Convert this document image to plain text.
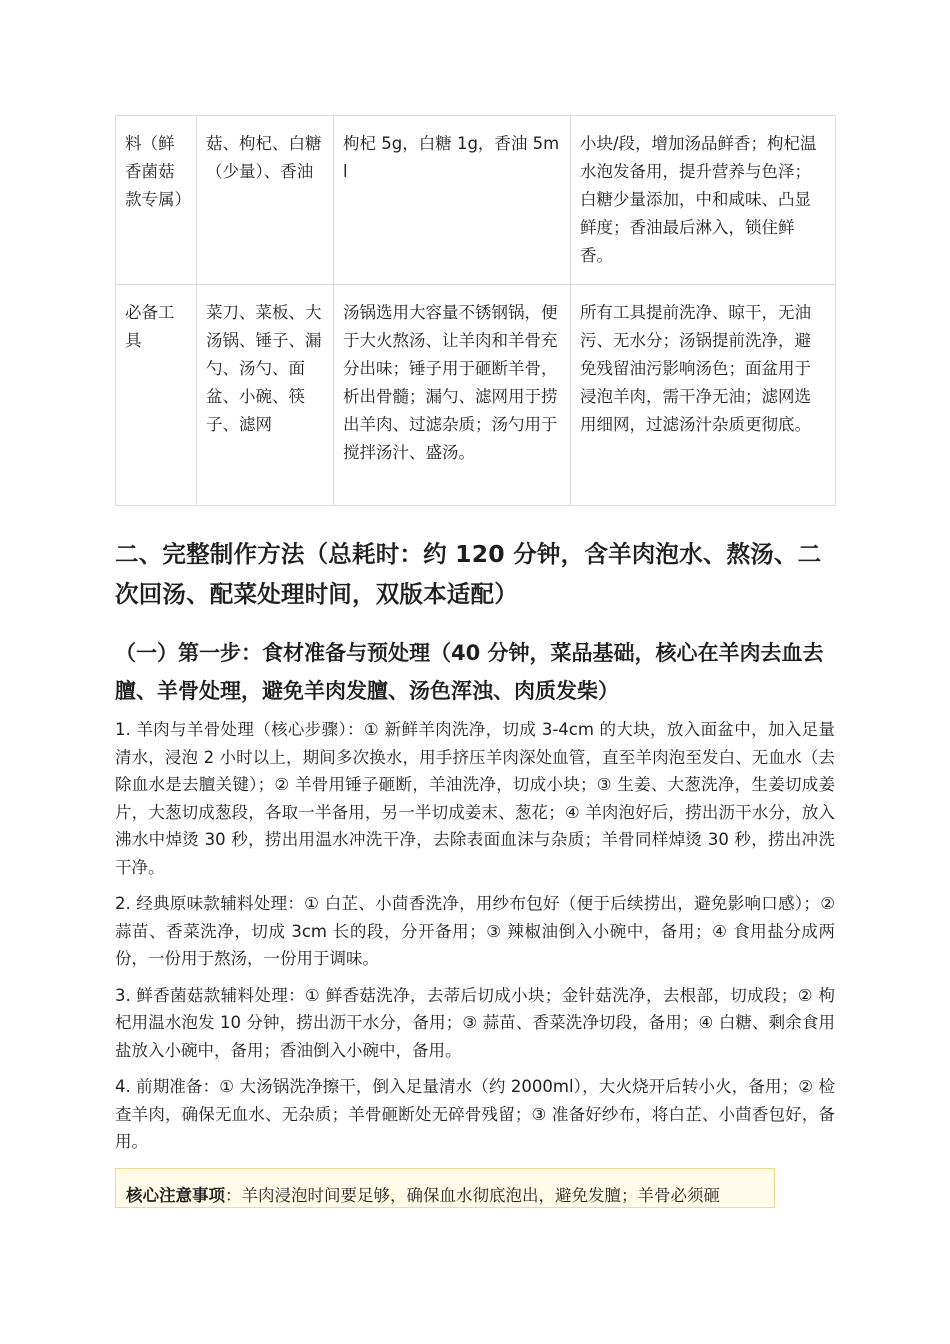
料（鲜香菌菇款专属）	菇、枸杞、白糖（少量）、香油	枸杞 5g，白糖 1g，香油 5ml	小块/段，增加汤品鲜香；枸杞温水泡发备用，提升营养与色泽；白糖少量添加，中和咸味、凸显鲜度；香油最后淋入，锁住鲜香。
必备工具	菜刀、菜板、大汤锅、锤子、漏勺、汤勺、面盆、小碗、筷子、滤网	汤锅选用大容量不锈钢锅，便于大火熬汤、让羊肉和羊骨充分出味；锤子用于砸断羊骨，析出骨髓；漏勺、滤网用于捞出羊肉、过滤杂质；汤勺用于搅拌汤汁、盛汤。	所有工具提前洗净、晾干，无油污、无水分；汤锅提前洗净，避免残留油污影响汤色；面盆用于浸泡羊肉，需干净无油；滤网选用细网，过滤汤汁杂质更彻底。
二、完整制作方法（总耗时：约 120 分钟，含羊肉泡水、熬汤、二次回汤、配菜处理时间，双版本适配）
（一）第一步：食材准备与预处理（40 分钟，菜品基础，核心在羊肉去血去膻、羊骨处理，避免羊肉发膻、汤色浑浊、肉质发柴）

1. 羊肉与羊骨处理（核心步骤）：① 新鲜羊肉洗净，切成 3-4cm 的大块，放入面盆中，加入足量清水，浸泡 2 小时以上，期间多次换水，用手挤压羊肉深处血管，直至羊肉泡至发白、无血水（去除血水是去膻关键）；② 羊骨用锤子砸断，羊油洗净，切成小块；③ 生姜、大葱洗净，生姜切成姜片，大葱切成葱段，各取一半备用，另一半切成姜末、葱花；④ 羊肉泡好后，捞出沥干水分，放入沸水中焯烫 30 秒，捞出用温水冲洗干净，去除表面血沫与杂质；羊骨同样焯烫 30 秒，捞出冲洗干净。

2. 经典原味款辅料处理：① 白芷、小茴香洗净，用纱布包好（便于后续捞出，避免影响口感）；② 蒜苗、香菜洗净，切成 3cm 长的段，分开备用；③ 辣椒油倒入小碗中，备用；④ 食用盐分成两份，一份用于熬汤，一份用于调味。

3. 鲜香菌菇款辅料处理：① 鲜香菇洗净，去蒂后切成小块；金针菇洗净，去根部，切成段；② 枸杞用温水泡发 10 分钟，捞出沥干水分，备用；③ 蒜苗、香菜洗净切段，备用；④ 白糖、剩余食用盐放入小碗中，备用；香油倒入小碗中，备用。

4. 前期准备：① 大汤锅洗净擦干，倒入足量清水（约 2000ml），大火烧开后转小火，备用；② 检查羊肉，确保无血水、无杂质；羊骨砸断处无碎骨残留；③ 准备好纱布，将白芷、小茴香包好，备用。

核心注意事项：羊肉浸泡时间要足够，确保血水彻底泡出，避免发膻；羊骨必须砸
